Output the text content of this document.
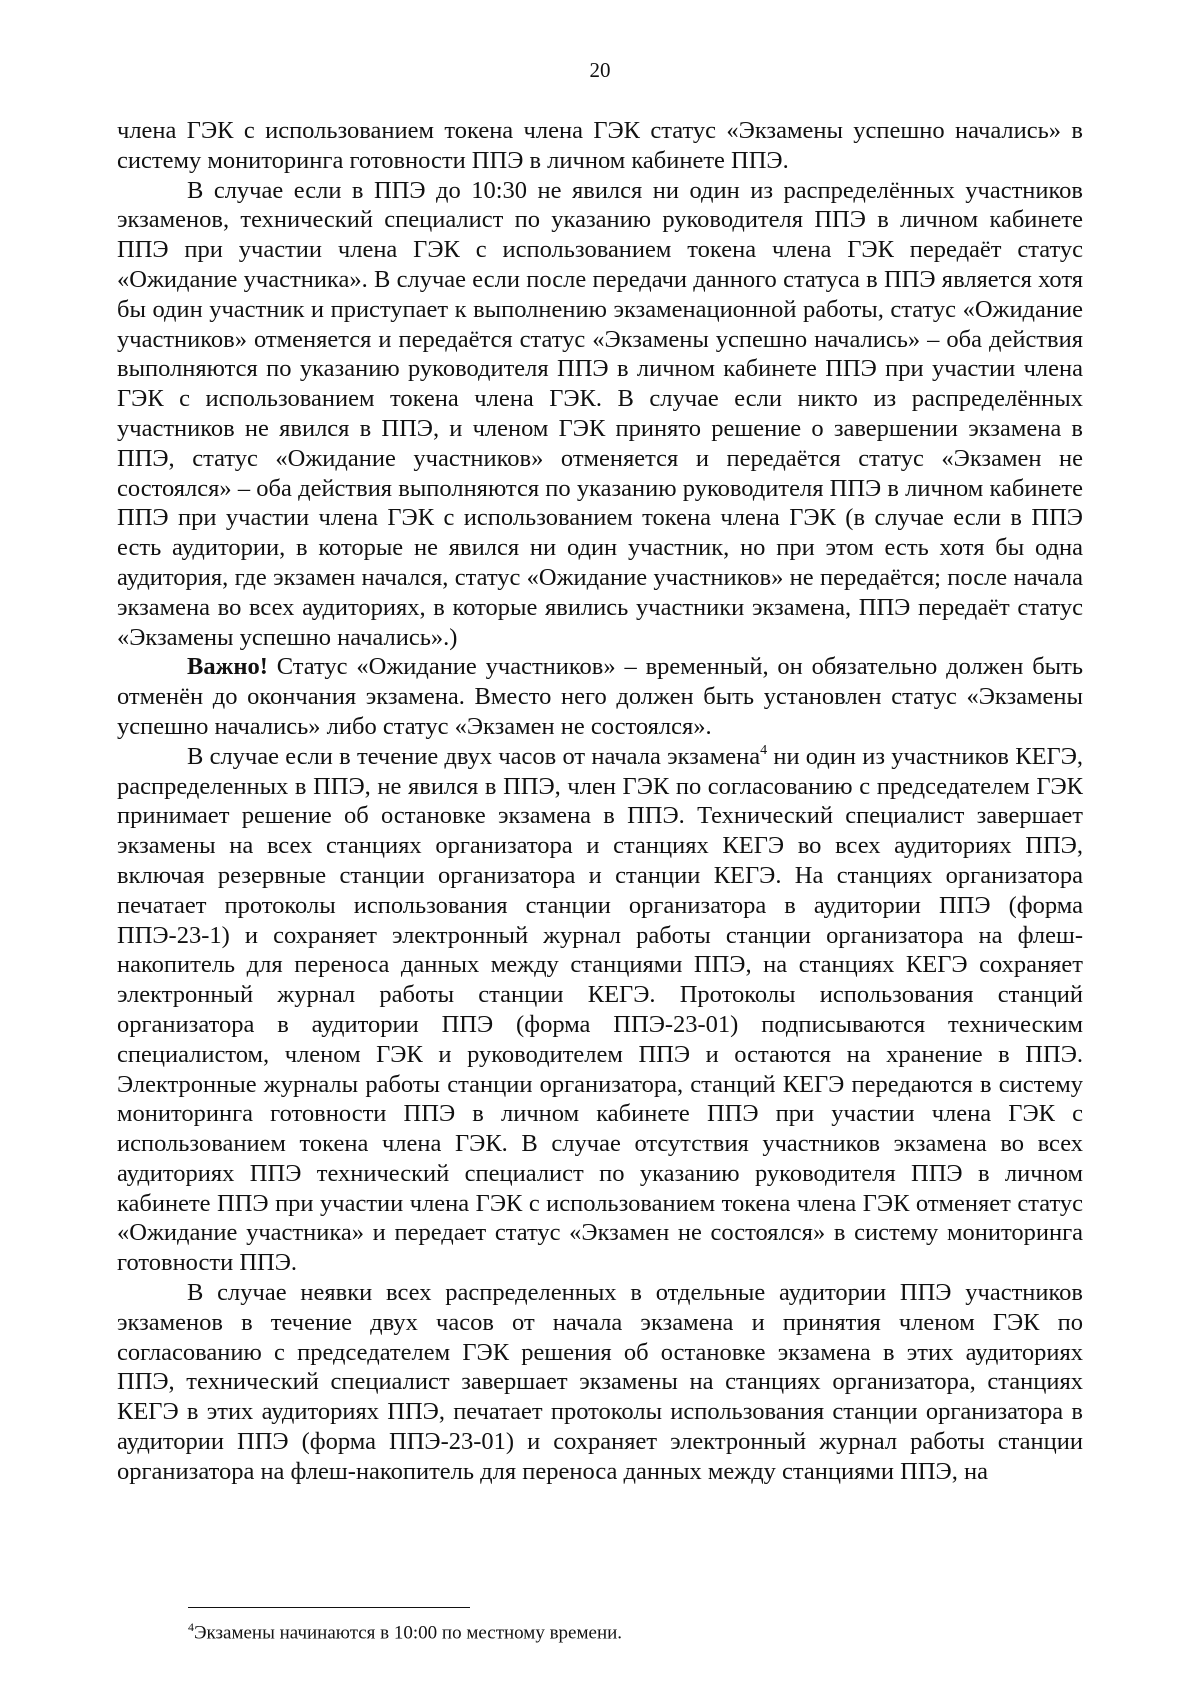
20

члена ГЭК с использованием токена члена ГЭК статус «Экзамены успешно начались» в систему мониторинга готовности ППЭ в личном кабинете ППЭ.

В случае если в ППЭ до 10:30 не явился ни один из распределённых участников экзаменов, технический специалист по указанию руководителя ППЭ в личном кабинете ППЭ при участии члена ГЭК с использованием токена члена ГЭК передаёт статус «Ожидание участника». В случае если после передачи данного статуса в ППЭ является хотя бы один участник и приступает к выполнению экзаменационной работы, статус «Ожидание участников» отменяется и передаётся статус «Экзамены успешно начались» – оба действия выполняются по указанию руководителя ППЭ в личном кабинете ППЭ при участии члена ГЭК с использованием токена члена ГЭК. В случае если никто из распределённых участников не явился в ППЭ, и членом ГЭК принято решение о завершении экзамена в ППЭ, статус «Ожидание участников» отменяется и передаётся статус «Экзамен не состоялся» – оба действия выполняются по указанию руководителя ППЭ в личном кабинете ППЭ при участии члена ГЭК с использованием токена члена ГЭК (в случае если в ППЭ есть аудитории, в которые не явился ни один участник, но при этом есть хотя бы одна аудитория, где экзамен начался, статус «Ожидание участников» не передаётся; после начала экзамена во всех аудиториях, в которые явились участники экзамена, ППЭ передаёт статус «Экзамены успешно начались».)

Важно! Статус «Ожидание участников» – временный, он обязательно должен быть отменён до окончания экзамена. Вместо него должен быть установлен статус «Экзамены успешно начались» либо статус «Экзамен не состоялся».

В случае если в течение двух часов от начала экзамена$^4$ ни один из участников КЕГЭ, распределенных в ППЭ, не явился в ППЭ, член ГЭК по согласованию с председателем ГЭК принимает решение об остановке экзамена в ППЭ. Технический специалист завершает экзамены на всех станциях организатора и станциях КЕГЭ во всех аудиториях ППЭ, включая резервные станции организатора и станции КЕГЭ. На станциях организатора печатает протоколы использования станции организатора в аудитории ППЭ (форма ППЭ-23-1) и сохраняет электронный журнал работы станции организатора на флеш-накопитель для переноса данных между станциями ППЭ, на станциях КЕГЭ сохраняет электронный журнал работы станции КЕГЭ. Протоколы использования станций организатора в аудитории ППЭ (форма ППЭ-23-01) подписываются техническим специалистом, членом ГЭК и руководителем ППЭ и остаются на хранение в ППЭ. Электронные журналы работы станции организатора, станций КЕГЭ передаются в систему мониторинга готовности ППЭ в личном кабинете ППЭ при участии члена ГЭК с использованием токена члена ГЭК. В случае отсутствия участников экзамена во всех аудиториях ППЭ технический специалист по указанию руководителя ППЭ в личном кабинете ППЭ при участии члена ГЭК с использованием токена члена ГЭК отменяет статус «Ожидание участника» и передает статус «Экзамен не состоялся» в систему мониторинга готовности ППЭ.

В случае неявки всех распределенных в отдельные аудитории ППЭ участников экзаменов в течение двух часов от начала экзамена и принятия членом ГЭК по согласованию с председателем ГЭК решения об остановке экзамена в этих аудиториях ППЭ, технический специалист завершает экзамены на станциях организатора, станциях КЕГЭ в этих аудиториях ППЭ, печатает протоколы использования станции организатора в аудитории ППЭ (форма ППЭ-23-01) и сохраняет электронный журнал работы станции организатора на флеш-накопитель для переноса данных между станциями ППЭ, на

$^4$Экзамены начинаются в 10:00 по местному времени.
